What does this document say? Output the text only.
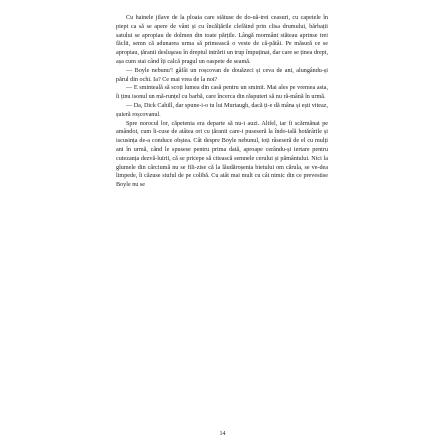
Cu hainele jilave de la ploaia care stătuse de do-uă-trei ceasuri, cu capetele în piept ca să se apere de vânt și cu încălțările clefăind prin clisa drumului, bărbații satului se apropiau de dolmen din toate părțile. Lângă mormânt stăteau aprinse trei făclii, semn că adunarea urma să primească o veste de că-pătâi. Pe măsură ce se apropiau, țăranii desluşeau în dreptul intrării un trup împuținat, dar care se ținea drept, așa cum stai când îți calcă pragul un oaspete de seamă.

— Boyle nebunu'! gâfâi un roșcovan de douăzeci și ceva de ani, alungându-și părul din ochi. Ia? Ce mai vrea de la noi?

— E smintealǎ să scoți lumea din casă pentru un sminit. Mai ales pe vremea asta, îi ținu isonul un mă-runțel cu barbă, care încerca din răsputeri să nu ră-mână în urmă.

— Da, Dick Cahill, dar spune-i-o tu lui Murtaugh, dacă ți-e dă mâna și ești viteaz, șuieră roșcovanul.

Spre norocul lor, căpetenia era departe să nu-i auzi. Altfel, iar fi scărmănat pe amândoi, cum îi-cuse de atâtea ori cu țăranii care-i puseseră la îndo-ială hotărârile și iscusința de-a conduce obștea. Cât despre Boyle nebunul, toți râseseră de el cu mulți ani în urmă, când le spusese pentru prima dată, aproape cerându-și iertare pentru cutezanța dezvă-luirii, că se pricepe să citească semnele cerului și pământului. Nici la glumele din cârciumă nu se fili-zise că la lăudăroșenia bietului om cărula, se ve-dea limpede, îi căzuse stuful de pe colibă. Cu atât mai mult cu cât nimic din ce prevestise Boyle nu se

14
